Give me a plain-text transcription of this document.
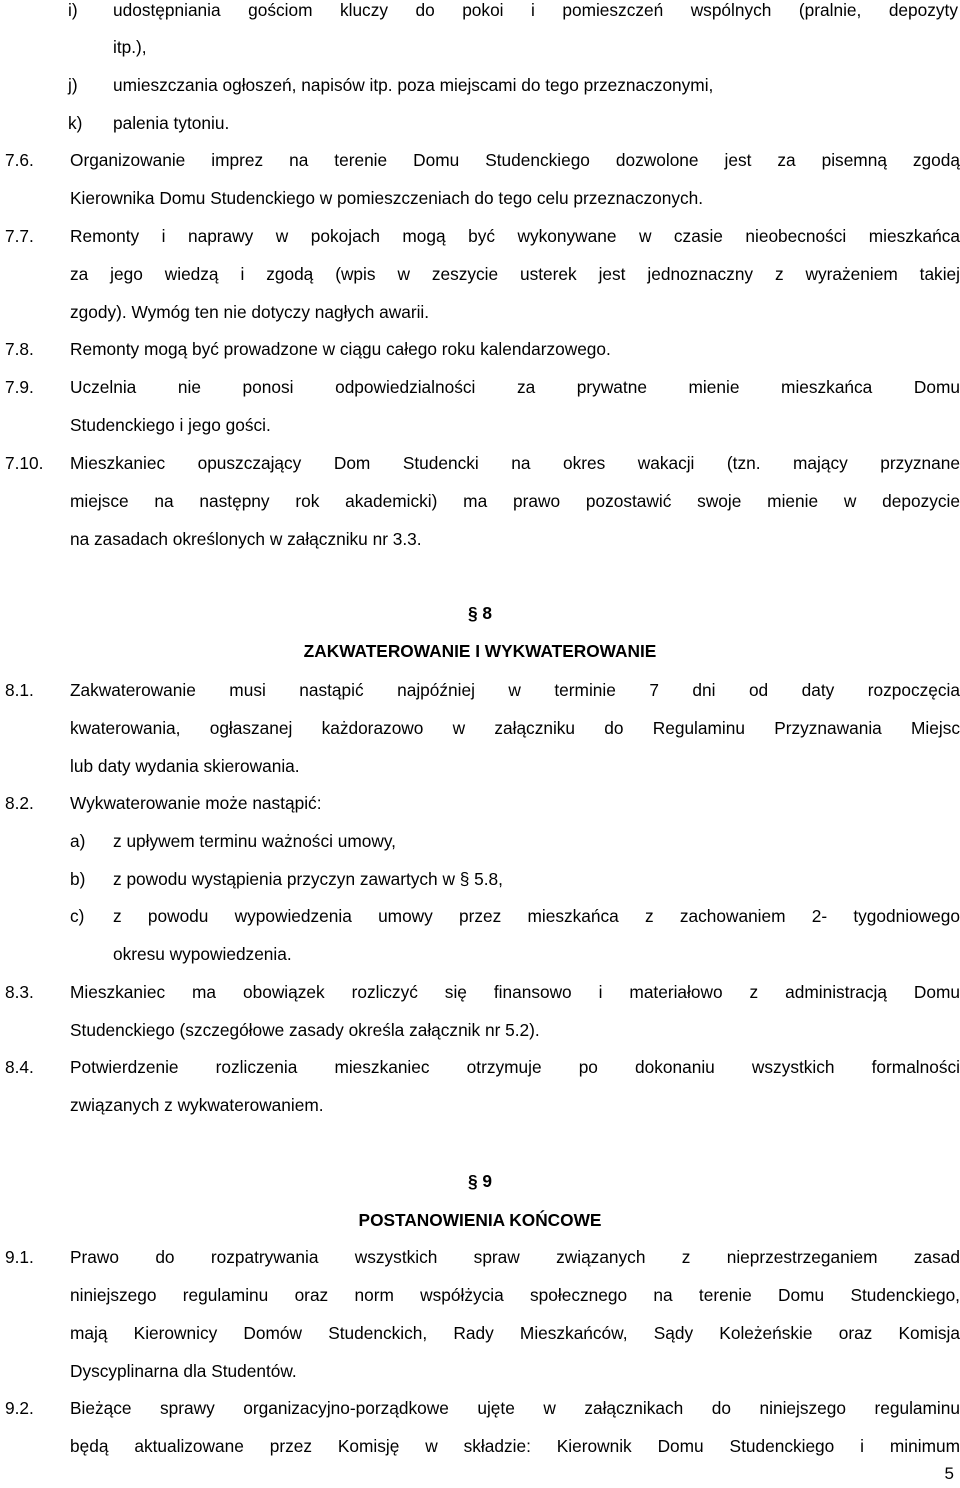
i) udostępniania gościom kluczy do pokoi i pomieszczeń wspólnych (pralnie, depozyty
itp.),
j) umieszczania ogłoszeń, napisów itp. poza miejscami do tego przeznaczonymi,
k) palenia tytoniu.
7.6. Organizowanie imprez na terenie Domu Studenckiego dozwolone jest za pisemną zgodą
Kierownika Domu Studenckiego w pomieszczeniach do tego celu przeznaczonych.
7.7. Remonty i naprawy w pokojach mogą być wykonywane w czasie nieobecności mieszkańca
za jego wiedzą i zgodą (wpis w zeszycie usterek jest jednoznaczny z wyrażeniem takiej
zgody). Wymóg ten nie dotyczy nagłych awarii.
7.8. Remonty mogą być prowadzone w ciągu całego roku kalendarzowego.
7.9. Uczelnia nie ponosi odpowiedzialności za prywatne mienie mieszkańca Domu
Studenckiego i jego gości.
7.10. Mieszkaniec opuszczający Dom Studencki na okres wakacji (tzn. mający przyznane
miejsce na następny rok akademicki) ma prawo pozostawić swoje mienie w depozycie
na zasadach określonych w załączniku nr 3.3.
§ 8
ZAKWATEROWANIE I WYKWATEROWANIE
8.1. Zakwaterowanie musi nastąpić najpóźniej w terminie 7 dni od daty rozpoczęcia
kwaterowania, ogłaszanej każdorazowo w załączniku do Regulaminu Przyznawania Miejsc
lub daty wydania skierowania.
8.2. Wykwaterowanie może nastąpić:
a) z upływem terminu ważności umowy,
b) z powodu wystąpienia przyczyn zawartych w § 5.8,
c) z powodu wypowiedzenia umowy przez mieszkańca z zachowaniem 2- tygodniowego
okresu wypowiedzenia.
8.3. Mieszkaniec ma obowiązek rozliczyć się finansowo i materiałowo z administracją Domu
Studenckiego (szczegółowe zasady określa załącznik nr 5.2).
8.4. Potwierdzenie rozliczenia mieszkaniec otrzymuje po dokonaniu wszystkich formalności
związanych z wykwaterowaniem.
§ 9
POSTANOWIENIA KOŃCOWE
9.1. Prawo do rozpatrywania wszystkich spraw związanych z nieprzestrzeganiem zasad
niniejszego regulaminu oraz norm współżycia społecznego na terenie Domu Studenckiego,
mają Kierownicy Domów Studenckich, Rady Mieszkańców, Sądy Koleżeńskie oraz Komisja
Dyscyplinarna dla Studentów.
9.2. Bieżące sprawy organizacyjno-porządkowe ujęte w załącznikach do niniejszego regulaminu
będą aktualizowane przez Komisję w składzie: Kierownik Domu Studenckiego i minimum
5
